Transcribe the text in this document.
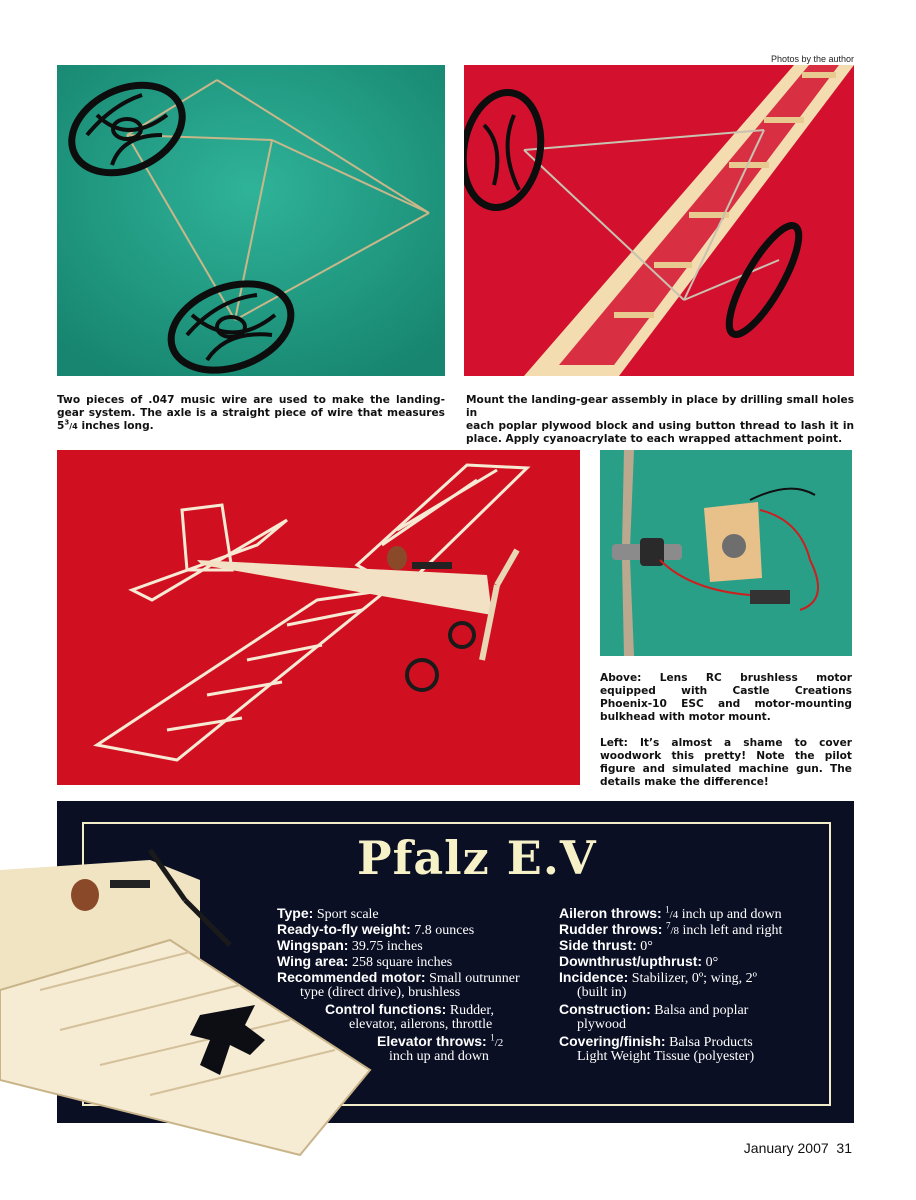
Photos by the author
Two pieces of .047 music wire are used to make the landing-
gear system. The axle is a straight piece of wire that measures
$5^3/4$ inches long.
Mount the landing-gear assembly in place by drilling small holes in
each poplar plywood block and using button thread to lash it in
place. Apply cyanoacrylate to each wrapped attachment point.
Above: Lens RC brushless motor
equipped with Castle Creations
Phoenix-10 ESC and motor-mounting
bulkhead with motor mount.
Left: It’s almost a shame to cover
woodwork this pretty! Note the pilot
figure and simulated machine gun. The
details make the difference!
Pfalz E.V
Type: Sport scale
Ready-to-fly weight: 7.8 ounces
Wingspan: 39.75 inches
Wing area: 258 square inches
Recommended motor: Small outrunner
type (direct drive), brushless
Control functions: Rudder,
elevator, ailerons, throttle
Elevator throws: $^1$/2
inch up and down
Aileron throws: $^1$/4 inch up and down
Rudder throws: $^7$/8 inch left and right
Side thrust: 0°
Downthrust/upthrust: 0°
Incidence: Stabilizer, 0º; wing, 2º
(built in)
Construction: Balsa and poplar
plywood
Covering/finish: Balsa Products
Light Weight Tissue (polyester)
January 2007 31
